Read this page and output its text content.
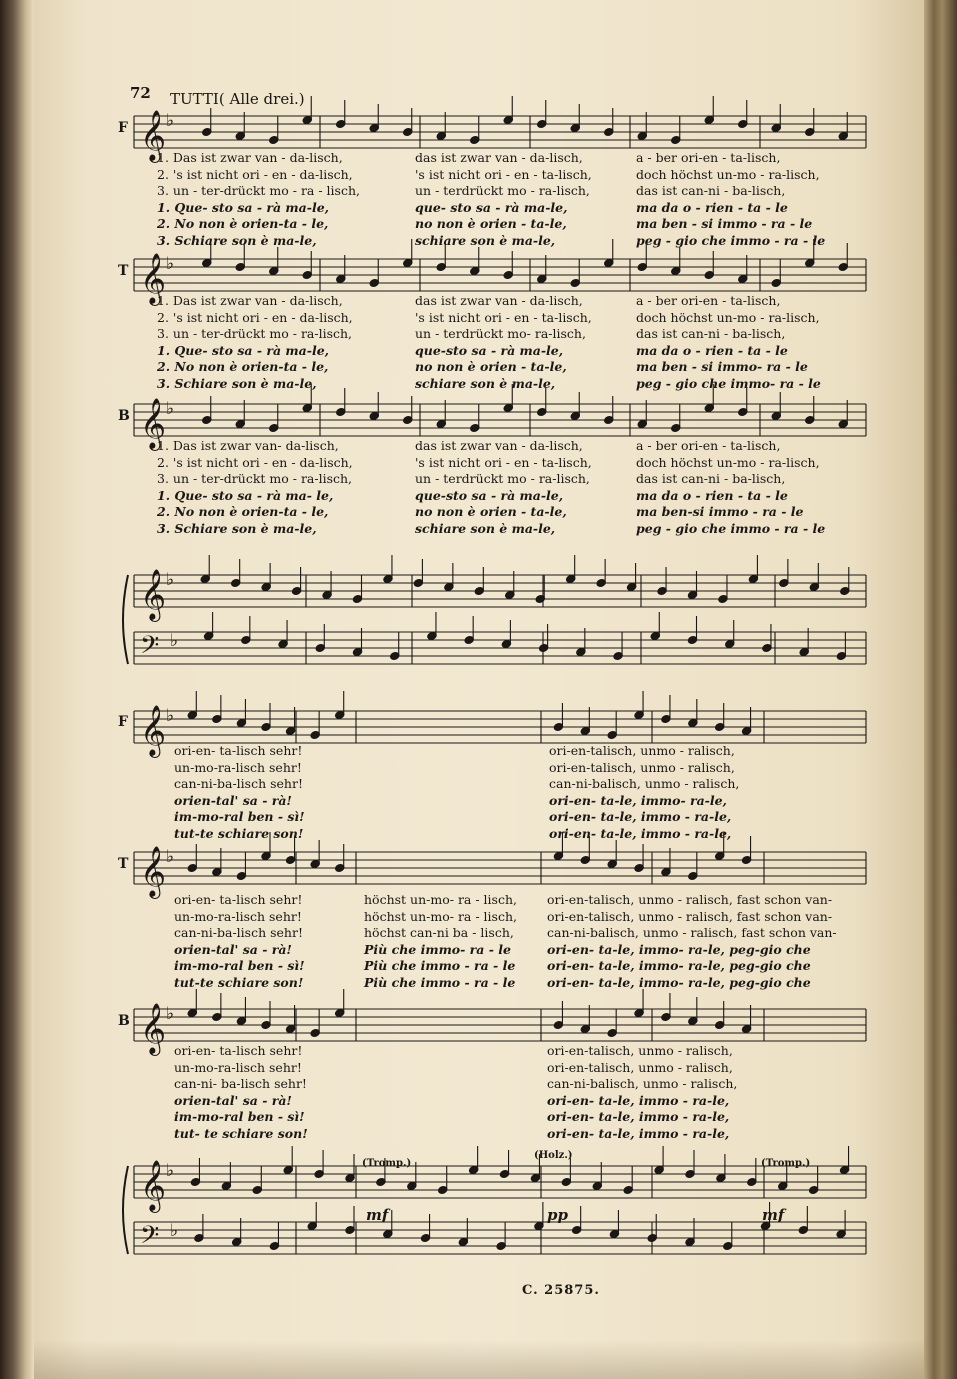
𝄞 ♭
𝄞 ♭
𝄞 ♭
𝄞 ♭
𝄢 ♭
𝄞 ♭
𝄞 ♭
𝄞 ♭
𝄞 ♭
𝄢 ♭
72 TUTTI( Alle drei.)
F
T
B
F
T
B
1. Das ist zwar van - da-lisch,
2. 's ist nicht ori - en - da-lisch,
3. un - ter-drückt mo - ra - lisch,
1. Que- sto sa - rà ma-le,
2. No non è orien-ta - le,
3. Schiare son è ma-le,
das ist zwar van - da-lisch,
's ist nicht ori - en - ta-lisch,
un - terdrückt mo - ra-lisch,
que- sto sa - rà ma-le,
no non è orien - ta-le,
schiare son è ma-le,
a - ber ori-en - ta-lisch,
doch höchst un-mo - ra-lisch,
das ist can-ni - ba-lisch,
ma da o - rien - ta - le
ma ben - si immo - ra - le
peg - gio che immo - ra - le
1. Das ist zwar van - da-lisch,
2. 's ist nicht ori - en - da-lisch,
3. un - ter-drückt mo - ra-lisch,
1. Que- sto sa - rà ma-le,
2. No non è orien-ta - le,
3. Schiare son è ma-le,
das ist zwar van - da-lisch,
's ist nicht ori - en - ta-lisch,
un - terdrückt mo- ra-lisch,
que-sto sa - rà ma-le,
no non è orien - ta-le,
schiare son è ma-le,
a - ber ori-en - ta-lisch,
doch höchst un-mo - ra-lisch,
das ist can-ni - ba-lisch,
ma da o - rien - ta - le
ma ben - si immo- ra - le
peg - gio che immo- ra - le
1. Das ist zwar van- da-lisch,
2. 's ist nicht ori - en - da-lisch,
3. un - ter-drückt mo - ra-lisch,
1. Que- sto sa - rà ma- le,
2. No non è orien-ta - le,
3. Schiare son è ma-le,
das ist zwar van - da-lisch,
's ist nicht ori - en - ta-lisch,
un - terdrückt mo - ra-lisch,
que-sto sa - rà ma-le,
no non è orien - ta-le,
schiare son è ma-le,
a - ber ori-en - ta-lisch,
doch höchst un-mo - ra-lisch,
das ist can-ni - ba-lisch,
ma da o - rien - ta - le
ma ben-si immo - ra - le
peg - gio che immo - ra - le
ori-en- ta-lisch sehr!
un-mo-ra-lisch sehr!
can-ni-ba-lisch sehr!
orien-tal' sa - rà!
im-mo-ral ben - sì!
tut-te schiare son!
ori-en-talisch, unmo - ralisch,
ori-en-talisch, unmo - ralisch,
can-ni-balisch, unmo - ralisch,
ori-en- ta-le, immo- ra-le,
ori-en- ta-le, immo - ra-le,
ori-en- ta-le, immo - ra-le,
ori-en- ta-lisch sehr!
un-mo-ra-lisch sehr!
can-ni-ba-lisch sehr!
orien-tal' sa - rà!
im-mo-ral ben - sì!
tut-te schiare son!
höchst un-mo- ra - lisch,
höchst un-mo- ra - lisch,
höchst can-ni ba - lisch,
Più che immo- ra - le
Più che immo - ra - le
Più che immo - ra - le
ori-en-talisch, unmo - ralisch, fast schon van-
ori-en-talisch, unmo - ralisch, fast schon van-
can-ni-balisch, unmo - ralisch, fast schon van-
ori-en- ta-le, immo- ra-le, peg-gio che
ori-en- ta-le, immo- ra-le, peg-gio che
ori-en- ta-le, immo- ra-le, peg-gio che
ori-en- ta-lisch sehr!
un-mo-ra-lisch sehr!
can-ni- ba-lisch sehr!
orien-tal' sa - rà!
im-mo-ral ben - sì!
tut- te schiare son!
ori-en-talisch, unmo - ralisch,
ori-en-talisch, unmo - ralisch,
can-ni-balisch, unmo - ralisch,
ori-en- ta-le, immo - ra-le,
ori-en- ta-le, immo - ra-le,
ori-en- ta-le, immo - ra-le,
(Tromp.)
(Holz.)
(Tromp.)
mf	pp	mf
C. 25875.
